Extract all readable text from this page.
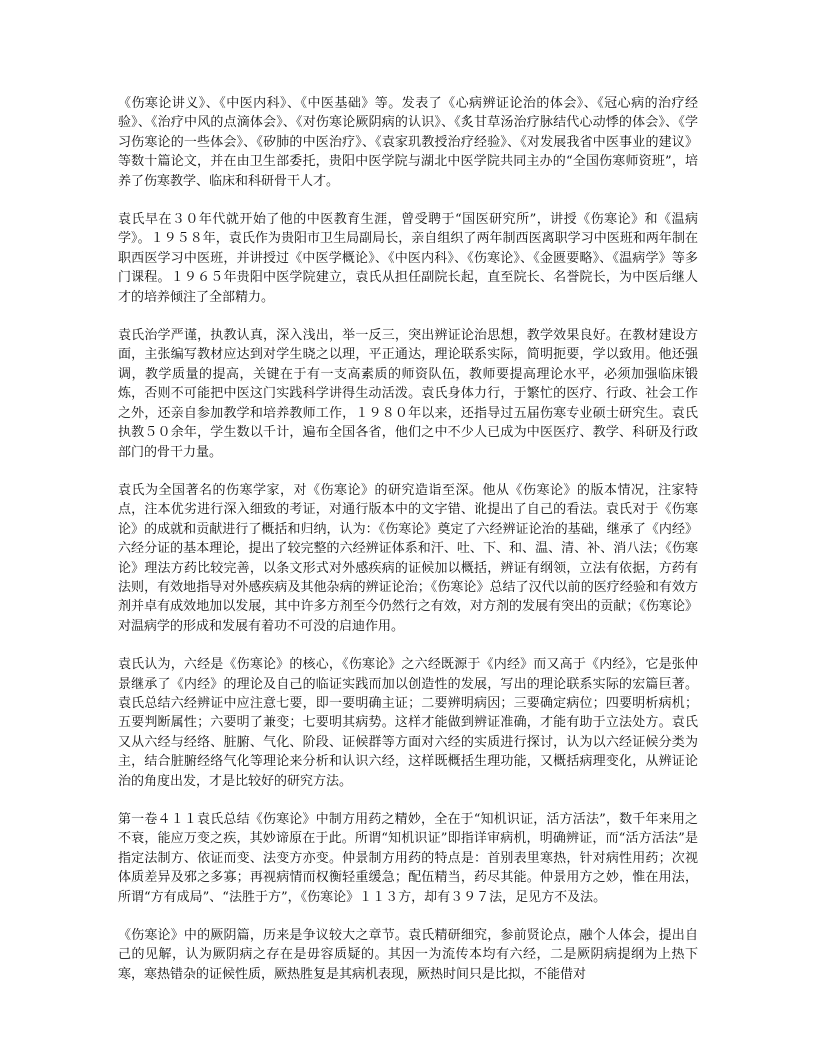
《伤寒论讲义》、《中医内科》、《中医基础》等。发表了《心病辨证论治的体会》、《冠心病的治疗经验》、《治疗中风的点滴体会》、《对伤寒论厥阴病的认识》、《炙甘草汤治疗脉结代心动悸的体会》、《学习伤寒论的一些体会》、《矽肺的中医治疗》、《袁家玑教授治疗经验》、《对发展我省中医事业的建议》等数十篇论文，并在由卫生部委托，贵阳中医学院与湖北中医学院共同主办的“全国伤寒师资班”，培养了伤寒教学、临床和科研骨干人才。

袁氏早在３０年代就开始了他的中医教育生涯，曾受聘于“国医研究所”，讲授《伤寒论》和《温病学》。１９５８年，袁氏作为贵阳市卫生局副局长，亲自组织了两年制西医离职学习中医班和两年制在职西医学习中医班，并讲授过《中医学概论》、《中医内科》、《伤寒论》、《金匮要略》、《温病学》等多门课程。１９６５年贵阳中医学院建立，袁氏从担任副院长起，直至院长、名誉院长，为中医后继人才的培养倾注了全部精力。

袁氏治学严谨，执教认真，深入浅出，举一反三，突出辨证论治思想，教学效果良好。在教材建设方面，主张编写教材应达到对学生晓之以理，平正通达，理论联系实际，简明扼要，学以致用。他还强调，教学质量的提高，关键在于有一支高素质的师资队伍，教师要提高理论水平，必须加强临床锻炼，否则不可能把中医这门实践科学讲得生动活泼。袁氏身体力行，于繁忙的医疗、行政、社会工作之外，还亲自参加教学和培养教师工作，１９８０年以来，还指导过五届伤寒专业硕士研究生。袁氏执教５０余年，学生数以千计，遍布全国各省，他们之中不少人已成为中医医疗、教学、科研及行政部门的骨干力量。

袁氏为全国著名的伤寒学家，对《伤寒论》的研究造诣至深。他从《伤寒论》的版本情况，注家特点，注本优劣进行深入细致的考证，对通行版本中的文字错、讹提出了自己的看法。袁氏对于《伤寒论》的成就和贡献进行了概括和归纳，认为：《伤寒论》奠定了六经辨证论治的基础，继承了《内经》六经分证的基本理论，提出了较完整的六经辨证体系和汗、吐、下、和、温、清、补、消八法；《伤寒论》理法方药比较完善，以条文形式对外感疾病的证候加以概括，辨证有纲领，立法有依据，方药有法则，有效地指导对外感疾病及其他杂病的辨证论治；《伤寒论》总结了汉代以前的医疗经验和有效方剂并卓有成效地加以发展，其中许多方剂至今仍然行之有效，对方剂的发展有突出的贡献；《伤寒论》对温病学的形成和发展有着功不可没的启迪作用。

袁氏认为，六经是《伤寒论》的核心，《伤寒论》之六经既源于《内经》而又高于《内经》，它是张仲景继承了《内经》的理论及自己的临证实践而加以创造性的发展，写出的理论联系实际的宏篇巨著。袁氏总结六经辨证中应注意七要，即一要明确主证；二要辨明病因；三要确定病位；四要明析病机；五要判断属性；六要明了兼变；七要明其病势。这样才能做到辨证准确，才能有助于立法处方。袁氏又从六经与经络、脏腑、气化、阶段、证候群等方面对六经的实质进行探讨，认为以六经证候分类为主，结合脏腑经络气化等理论来分析和认识六经，这样既概括生理功能，又概括病理变化，从辨证论治的角度出发，才是比较好的研究方法。

第一卷４１１袁氏总结《伤寒论》中制方用药之精妙，全在于“知机识证，活方活法”，数千年来用之不衰，能应万变之疾，其妙谛原在于此。所谓“知机识证”即指详审病机，明确辨证，而“活方活法”是指定法制方、依证而变、法变方亦变。仲景制方用药的特点是：首别表里寒热，针对病性用药；次视体质差异及邪之多寡；再视病情而权衡轻重缓急；配伍精当，药尽其能。仲景用方之妙，惟在用法，所谓“方有成局”、“法胜于方”，《伤寒论》１１３方，却有３９７法，足见方不及法。

《伤寒论》中的厥阴篇，历来是争议较大之章节。袁氏精研细究，参前贤论点，融个人体会，提出自己的见解，认为厥阴病之存在是毋容质疑的。其因一为流传本均有六经，二是厥阴病提纲为上热下寒，寒热错杂的证候性质，厥热胜复是其病机表现，厥热时间只是比拟，不能借对
